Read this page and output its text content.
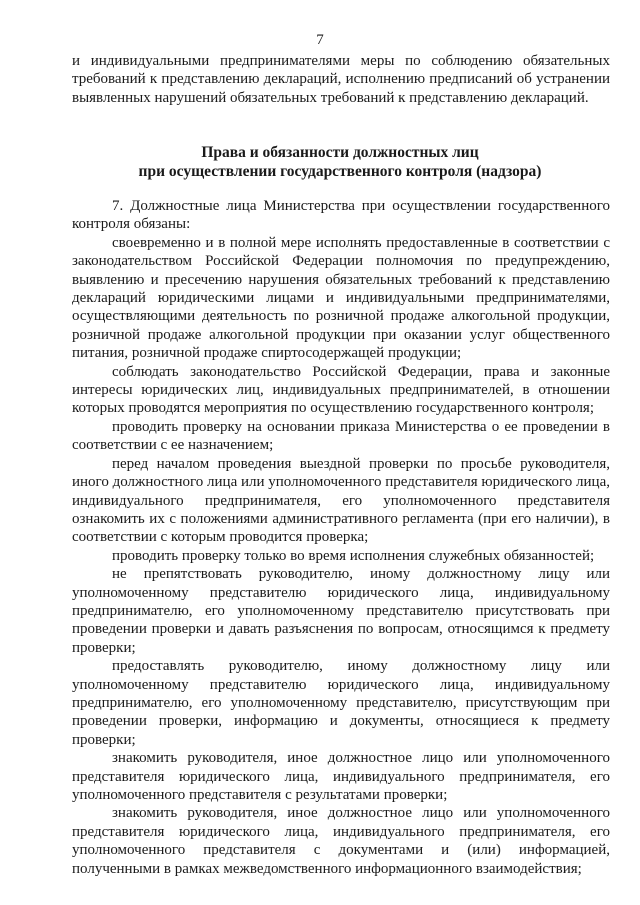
7

и индивидуальными предпринимателями меры по соблюдению обязательных требований к представлению деклараций, исполнению предписаний об устранении выявленных нарушений обязательных требований к представлению деклараций.

Права и обязанности должностных лиц
при осуществлении государственного контроля (надзора)

7. Должностные лица Министерства при осуществлении государственного контроля обязаны:

своевременно и в полной мере исполнять предоставленные в соответствии с законодательством Российской Федерации полномочия по предупреждению, выявлению и пресечению нарушения обязательных требований к представлению деклараций юридическими лицами и индивидуальными предпринимателями, осуществляющими деятельность по розничной продаже алкогольной продукции, розничной продаже алкогольной продукции при оказании услуг общественного питания, розничной продаже спиртосодержащей продукции;

соблюдать законодательство Российской Федерации, права и законные интересы юридических лиц, индивидуальных предпринимателей, в отношении которых проводятся мероприятия по осуществлению государственного контроля;

проводить проверку на основании приказа Министерства о ее проведении в соответствии с ее назначением;

перед началом проведения выездной проверки по просьбе руководителя, иного должностного лица или уполномоченного представителя юридического лица, индивидуального предпринимателя, его уполномоченного представителя ознакомить их с положениями административного регламента (при его наличии), в соответствии с которым проводится проверка;

проводить проверку только во время исполнения служебных обязанностей;

не препятствовать руководителю, иному должностному лицу или уполномоченному представителю юридического лица, индивидуальному предпринимателю, его уполномоченному представителю присутствовать при проведении проверки и давать разъяснения по вопросам, относящимся к предмету проверки;

предоставлять руководителю, иному должностному лицу или уполномоченному представителю юридического лица, индивидуальному предпринимателю, его уполномоченному представителю, присутствующим при проведении проверки, информацию и документы, относящиеся к предмету проверки;

знакомить руководителя, иное должностное лицо или уполномоченного представителя юридического лица, индивидуального предпринимателя, его уполномоченного представителя с результатами проверки;

знакомить руководителя, иное должностное лицо или уполномоченного представителя юридического лица, индивидуального предпринимателя, его уполномоченного представителя с документами и (или) информацией, полученными в рамках межведомственного информационного взаимодействия;
